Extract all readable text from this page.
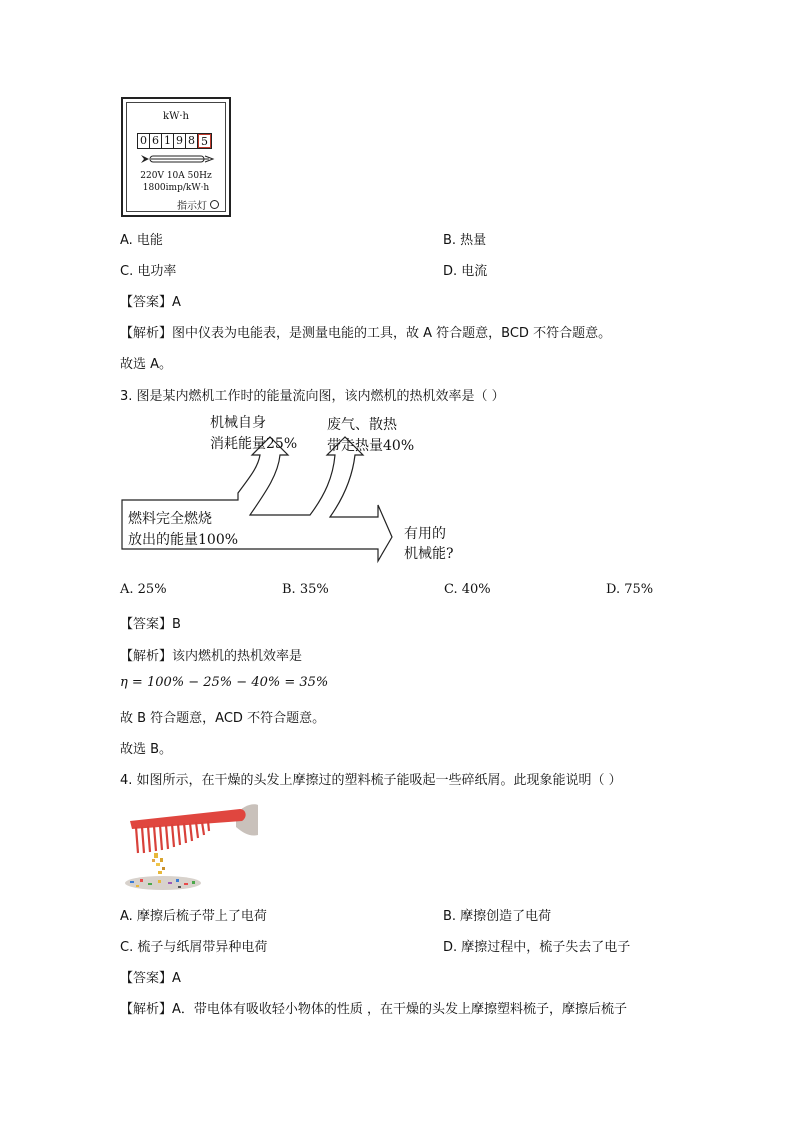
kW·h
0 6 1 9 8 5
220V 10A 50Hz
1800imp/kW·h
指示灯
A. 电能	B. 热量
C. 电功率	D. 电流
【答案】A
【解析】图中仪表为电能表，是测量电能的工具，故 A 符合题意，BCD 不符合题意。
故选 A。
3. 图是某内燃机工作时的能量流向图，该内燃机的热机效率是（ ）
机械自身
消耗能量25%
废气、散热
带走热量40%
燃料完全燃烧
放出的能量100%	有用的
机械能?
A. 25%	B. 35%	C. 40%	D. 75%
【答案】B
【解析】该内燃机的热机效率是
η = 100% − 25% − 40% = 35%
故 B 符合题意，ACD 不符合题意。
故选 B。
4. 如图所示，在干燥的头发上摩擦过的塑料梳子能吸起一些碎纸屑。此现象能说明（ ）
A. 摩擦后梳子带上了电荷	B. 摩擦创造了电荷
C. 梳子与纸屑带异种电荷	D. 摩擦过程中，梳子失去了电子
【答案】A
【解析】A．带电体有吸收轻小物体的性质 ，在干燥的头发上摩擦塑料梳子，摩擦后梳子
